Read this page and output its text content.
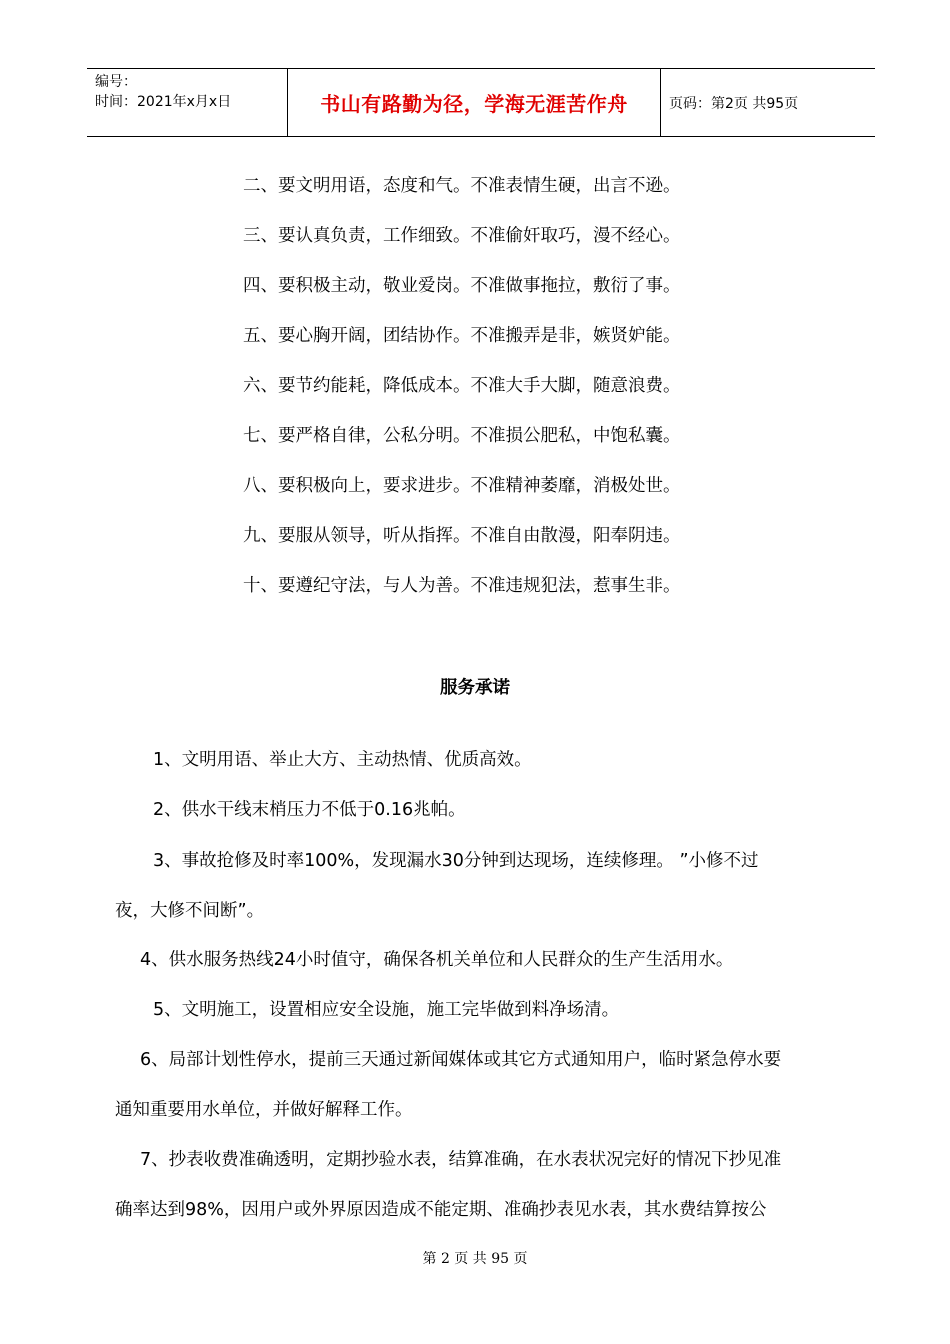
编号：
时间：2021年x月x日	书山有路勤为径，学海无涯苦作舟	页码：第2页 共95页
二、要文明用语，态度和气。不准表情生硬，出言不逊。
三、要认真负责，工作细致。不准偷奸取巧，漫不经心。
四、要积极主动，敬业爱岗。不准做事拖拉，敷衍了事。
五、要心胸开阔，团结协作。不准搬弄是非，嫉贤妒能。
六、要节约能耗，降低成本。不准大手大脚，随意浪费。
七、要严格自律，公私分明。不准损公肥私，中饱私囊。
八、要积极向上，要求进步。不准精神萎靡，消极处世。
九、要服从领导，听从指挥。不准自由散漫，阳奉阴违。
十、要遵纪守法，与人为善。不准违规犯法，惹事生非。
服务承诺
1、文明用语、举止大方、主动热情、优质高效。
2、供水干线末梢压力不低于0.16兆帕。
3、事故抢修及时率100%，发现漏水30分钟到达现场，连续修理。 ”小修不过
夜，大修不间断”。
4、供水服务热线24小时值守，确保各机关单位和人民群众的生产生活用水。
5、文明施工，设置相应安全设施，施工完毕做到料净场清。
6、局部计划性停水，提前三天通过新闻媒体或其它方式通知用户，临时紧急停水要
通知重要用水单位，并做好解释工作。
7、抄表收费准确透明，定期抄验水表，结算准确，在水表状况完好的情况下抄见准
确率达到98%，因用户或外界原因造成不能定期、准确抄表见水表，其水费结算按公
第 2 页 共 95 页
